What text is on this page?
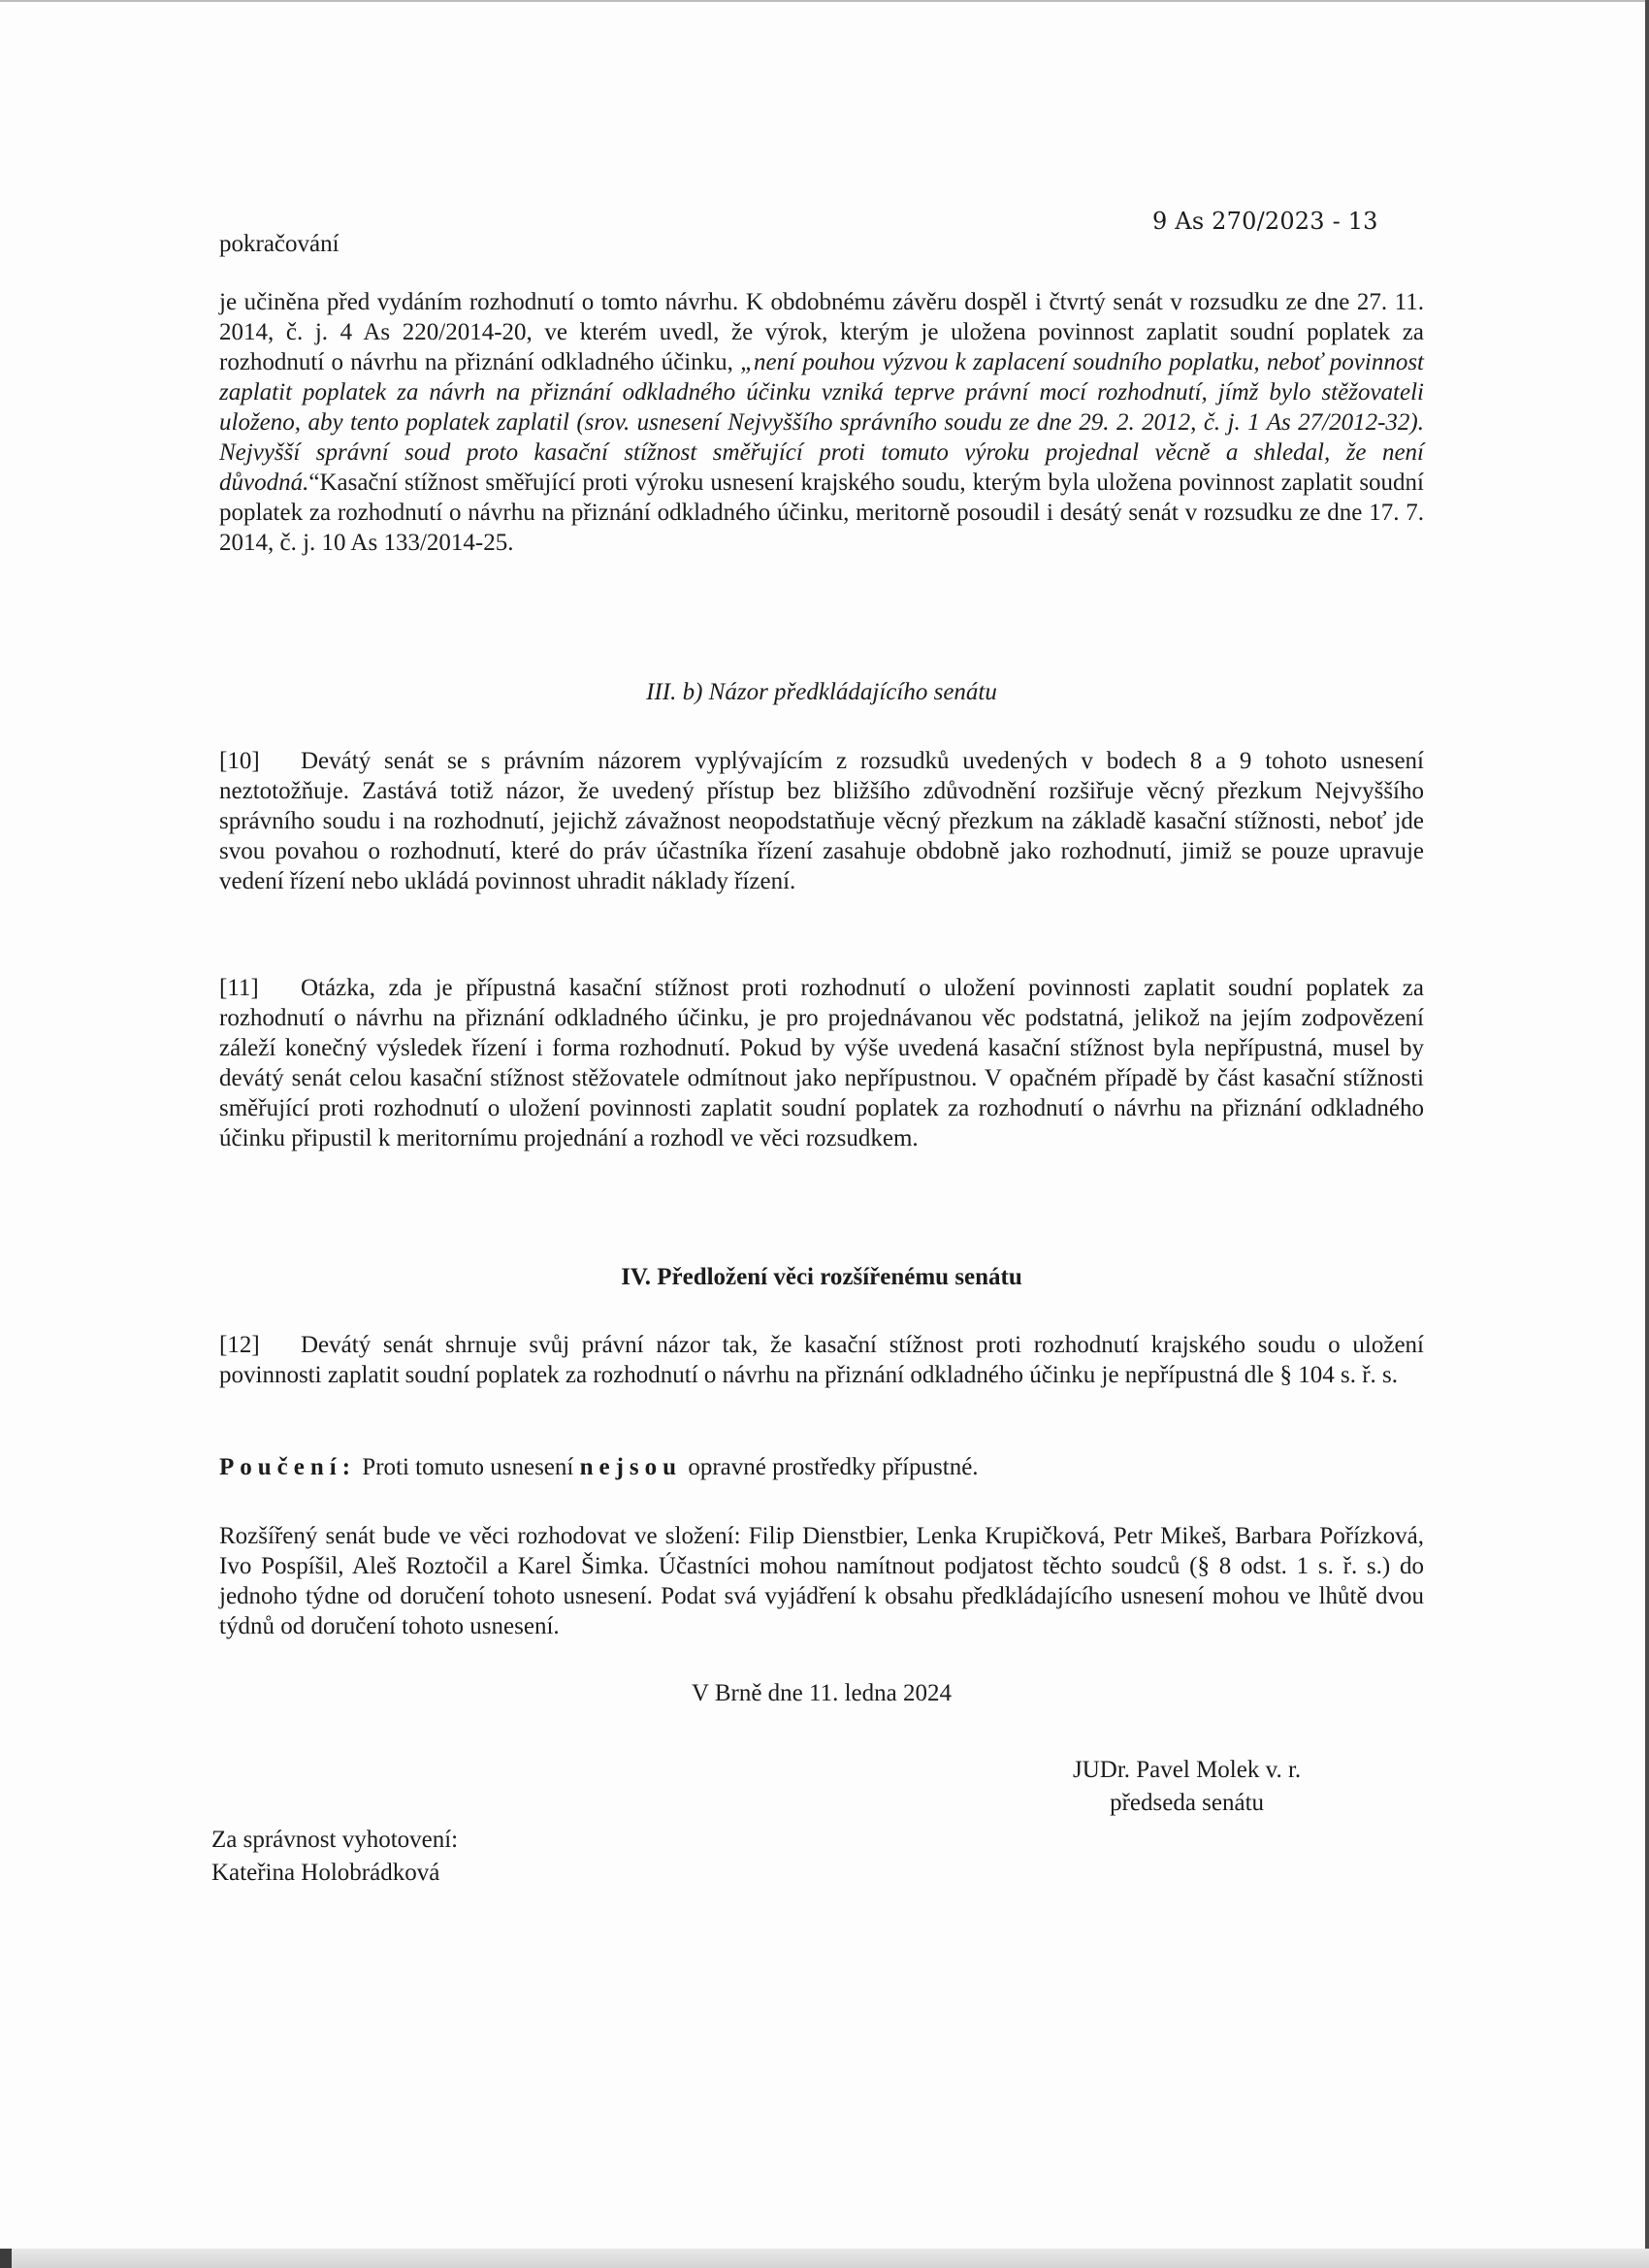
9 As 270/2023 - 13
pokračování

je učiněna před vydáním rozhodnutí o tomto návrhu. K obdobnému závěru dospěl i čtvrtý senát v rozsudku ze dne 27. 11. 2014, č. j. 4 As 220/2014-20, ve kterém uvedl, že výrok, kterým je uložena povinnost zaplatit soudní poplatek za rozhodnutí o návrhu na přiznání odkladného účinku, „není pouhou výzvou k zaplacení soudního poplatku, neboť povinnost zaplatit poplatek za návrh na přiznání odkladného účinku vzniká teprve právní mocí rozhodnutí, jímž bylo stěžovateli uloženo, aby tento poplatek zaplatil (srov. usnesení Nejvyššího správního soudu ze dne 29. 2. 2012, č. j. 1 As 27/2012-32). Nejvyšší správní soud proto kasační stížnost směřující proti tomuto výroku projednal věcně a shledal, že není důvodná.“Kasační stížnost směřující proti výroku usnesení krajského soudu, kterým byla uložena povinnost zaplatit soudní poplatek za rozhodnutí o návrhu na přiznání odkladného účinku, meritorně posoudil i desátý senát v rozsudku ze dne 17. 7. 2014, č. j. 10 As 133/2014-25.

III. b) Názor předkládajícího senátu

[10] Devátý senát se s právním názorem vyplývajícím z rozsudků uvedených v bodech 8 a 9 tohoto usnesení neztotožňuje. Zastává totiž názor, že uvedený přístup bez bližšího zdůvodnění rozšiřuje věcný přezkum Nejvyššího správního soudu i na rozhodnutí, jejichž závažnost neopodstatňuje věcný přezkum na základě kasační stížnosti, neboť jde svou povahou o rozhodnutí, které do práv účastníka řízení zasahuje obdobně jako rozhodnutí, jimiž se pouze upravuje vedení řízení nebo ukládá povinnost uhradit náklady řízení.

[11] Otázka, zda je přípustná kasační stížnost proti rozhodnutí o uložení povinnosti zaplatit soudní poplatek za rozhodnutí o návrhu na přiznání odkladného účinku, je pro projednávanou věc podstatná, jelikož na jejím zodpovězení záleží konečný výsledek řízení i forma rozhodnutí. Pokud by výše uvedená kasační stížnost byla nepřípustná, musel by devátý senát celou kasační stížnost stěžovatele odmítnout jako nepřípustnou. V opačném případě by část kasační stížnosti směřující proti rozhodnutí o uložení povinnosti zaplatit soudní poplatek za rozhodnutí o návrhu na přiznání odkladného účinku připustil k meritornímu projednání a rozhodl ve věci rozsudkem.

IV. Předložení věci rozšířenému senátu

[12] Devátý senát shrnuje svůj právní názor tak, že kasační stížnost proti rozhodnutí krajského soudu o uložení povinnosti zaplatit soudní poplatek za rozhodnutí o návrhu na přiznání odkladného účinku je nepřípustná dle § 104 s. ř. s.

Poučení: Proti tomuto usnesení nejsou opravné prostředky přípustné.

Rozšířený senát bude ve věci rozhodovat ve složení: Filip Dienstbier, Lenka Krupičková, Petr Mikeš, Barbara Pořízková, Ivo Pospíšil, Aleš Roztočil a Karel Šimka. Účastníci mohou namítnout podjatost těchto soudců (§ 8 odst. 1 s. ř. s.) do jednoho týdne od doručení tohoto usnesení. Podat svá vyjádření k obsahu předkládajícího usnesení mohou ve lhůtě dvou týdnů od doručení tohoto usnesení.

V Brně dne 11. ledna 2024
JUDr. Pavel Molek v. r.
předseda senátu
Za správnost vyhotovení:
Kateřina Holobrádková
